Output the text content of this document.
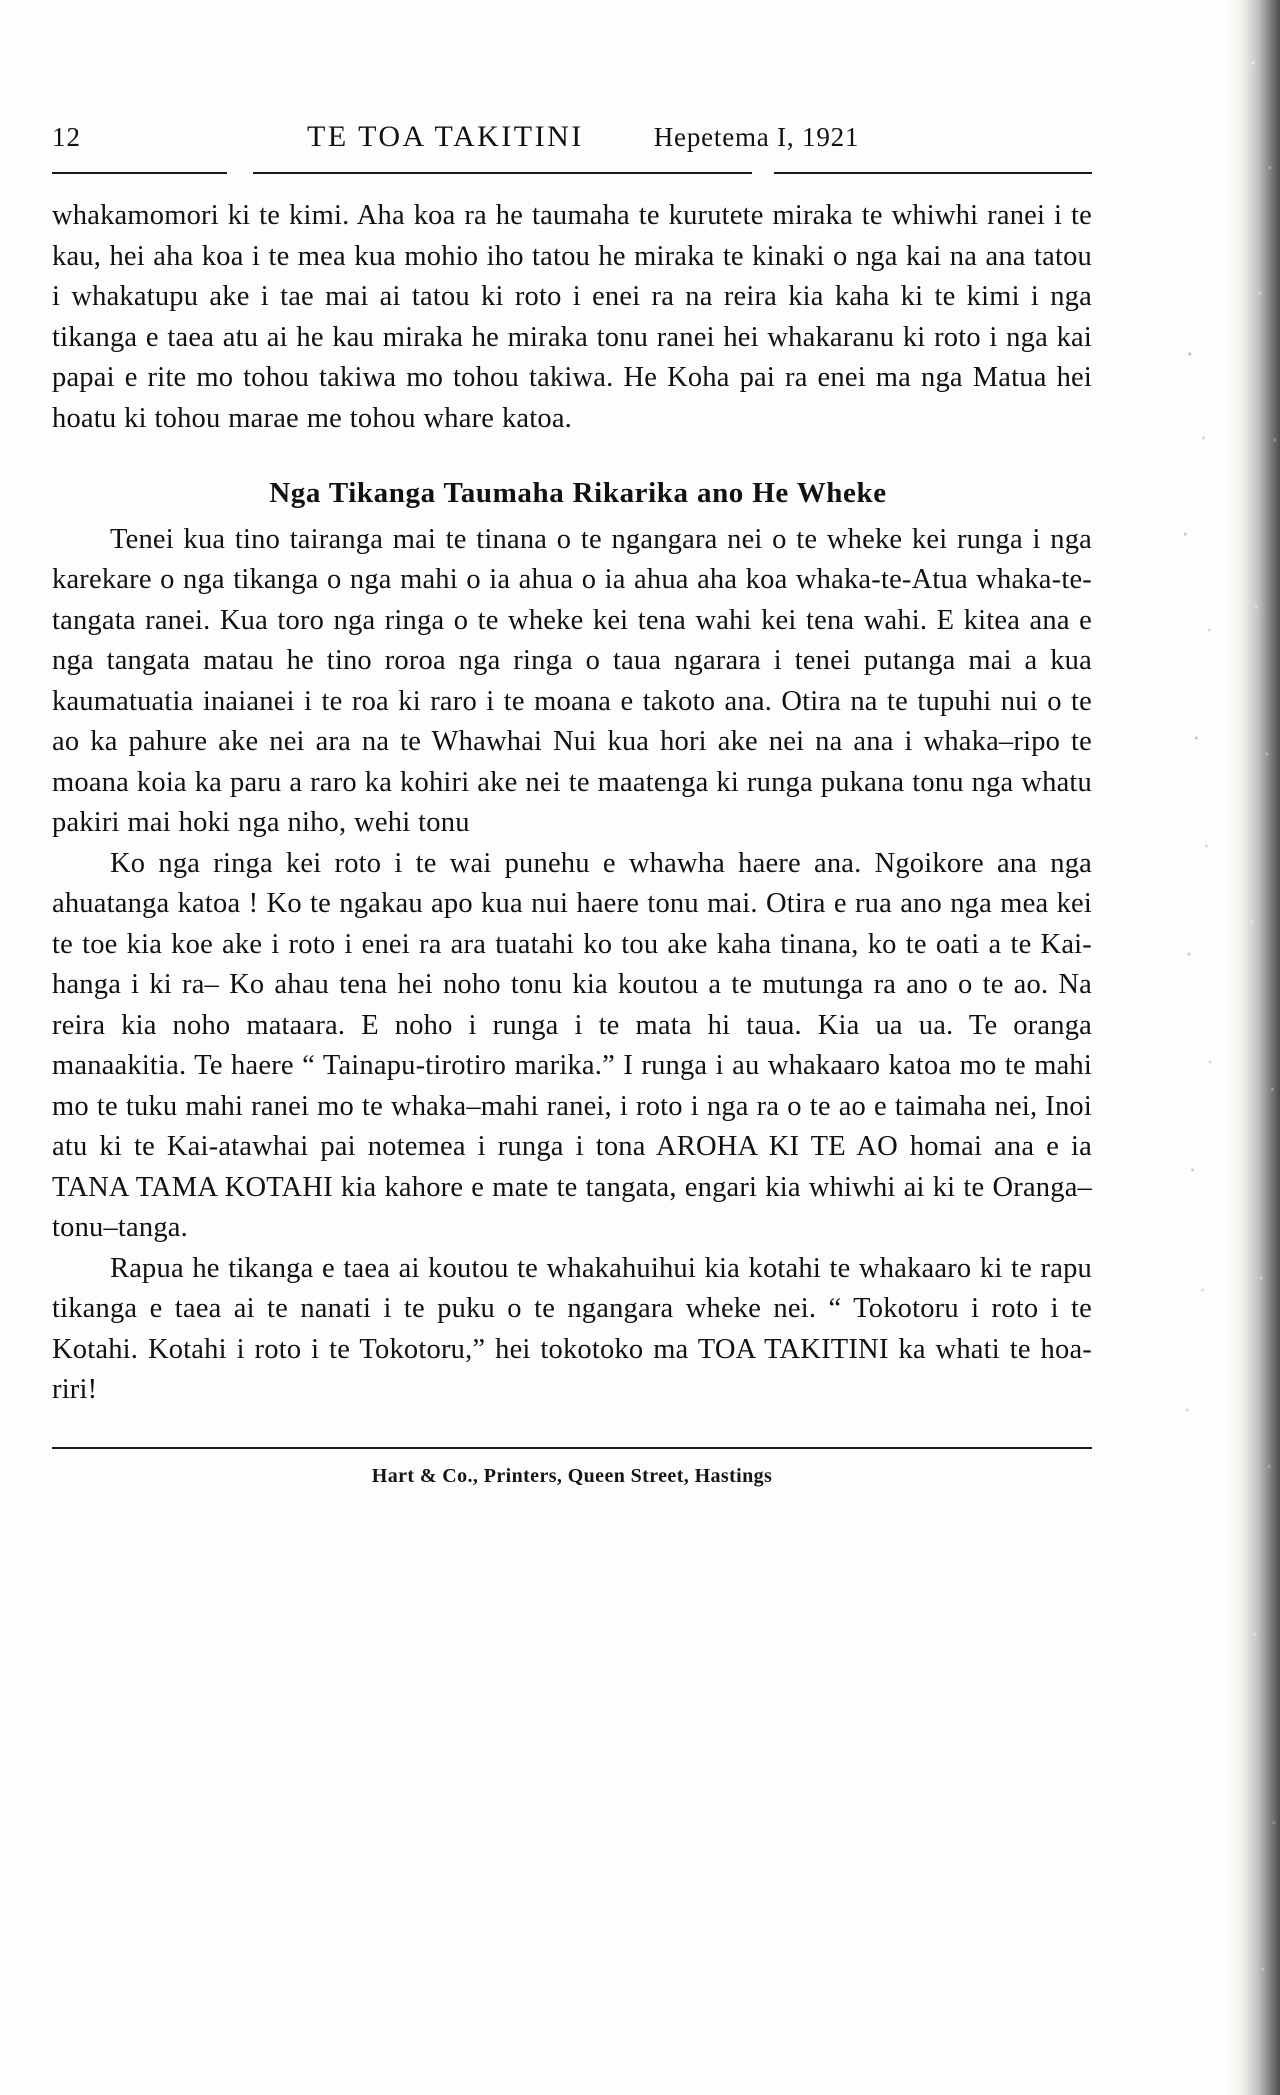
12	TE TOA TAKITINI	Hepetema I, 1921

whakamomori ki te kimi. Aha koa ra he taumaha te kurutete miraka te whiwhi ranei i te kau, hei aha koa i te mea kua mohio iho tatou he miraka te kinaki o nga kai na ana tatou i whakatupu ake i tae mai ai tatou ki roto i enei ra na reira kia kaha ki te kimi i nga tikanga e taea atu ai he kau miraka he miraka tonu ranei hei whakaranu ki roto i nga kai papai e rite mo tohou takiwa mo tohou takiwa. He Koha pai ra enei ma nga Matua hei hoatu ki tohou marae me tohou whare katoa.

Nga Tikanga Taumaha Rikarika ano He Wheke

Tenei kua tino tairanga mai te tinana o te ngangara nei o te wheke kei runga i nga karekare o nga tikanga o nga mahi o ia ahua o ia ahua aha koa whaka-te-Atua whaka-te-tangata ranei. Kua toro nga ringa o te wheke kei tena wahi kei tena wahi. E kitea ana e nga tangata matau he tino roroa nga ringa o taua ngarara i tenei putanga mai a kua kaumatuatia inaianei i te roa ki raro i te moana e takoto ana. Otira na te tupuhi nui o te ao ka pahure ake nei ara na te Whawhai Nui kua hori ake nei na ana i whaka–ripo te moana koia ka paru a raro ka kohiri ake nei te maatenga ki runga pukana tonu nga whatu pakiri mai hoki nga niho, wehi tonu

Ko nga ringa kei roto i te wai punehu e whawha haere ana. Ngoikore ana nga ahuatanga katoa ! Ko te ngakau apo kua nui haere tonu mai. Otira e rua ano nga mea kei te toe kia koe ake i roto i enei ra ara tuatahi ko tou ake kaha tinana, ko te oati a te Kai-hanga i ki ra– Ko ahau tena hei noho tonu kia koutou a te mutunga ra ano o te ao. Na reira kia noho mataara. E noho i runga i te mata hi taua. Kia ua ua. Te oranga manaakitia. Te haere “ Tainapu-tirotiro marika.” I runga i au whakaaro katoa mo te mahi mo te tuku mahi ranei mo te whaka–mahi ranei, i roto i nga ra o te ao e taimaha nei, Inoi atu ki te Kai-atawhai pai notemea i runga i tona AROHA KI TE AO homai ana e ia TANA TAMA KOTAHI kia kahore e mate te tangata, engari kia whiwhi ai ki te Oranga–tonu–tanga.

Rapua he tikanga e taea ai koutou te whakahuihui kia kotahi te whakaaro ki te rapu tikanga e taea ai te nanati i te puku o te ngangara wheke nei. “ Tokotoru i roto i te Kotahi. Kotahi i roto i te Tokotoru,” hei tokotoko ma TOA TAKITINI ka whati te hoa-riri!

Hart & Co., Printers, Queen Street, Hastings
